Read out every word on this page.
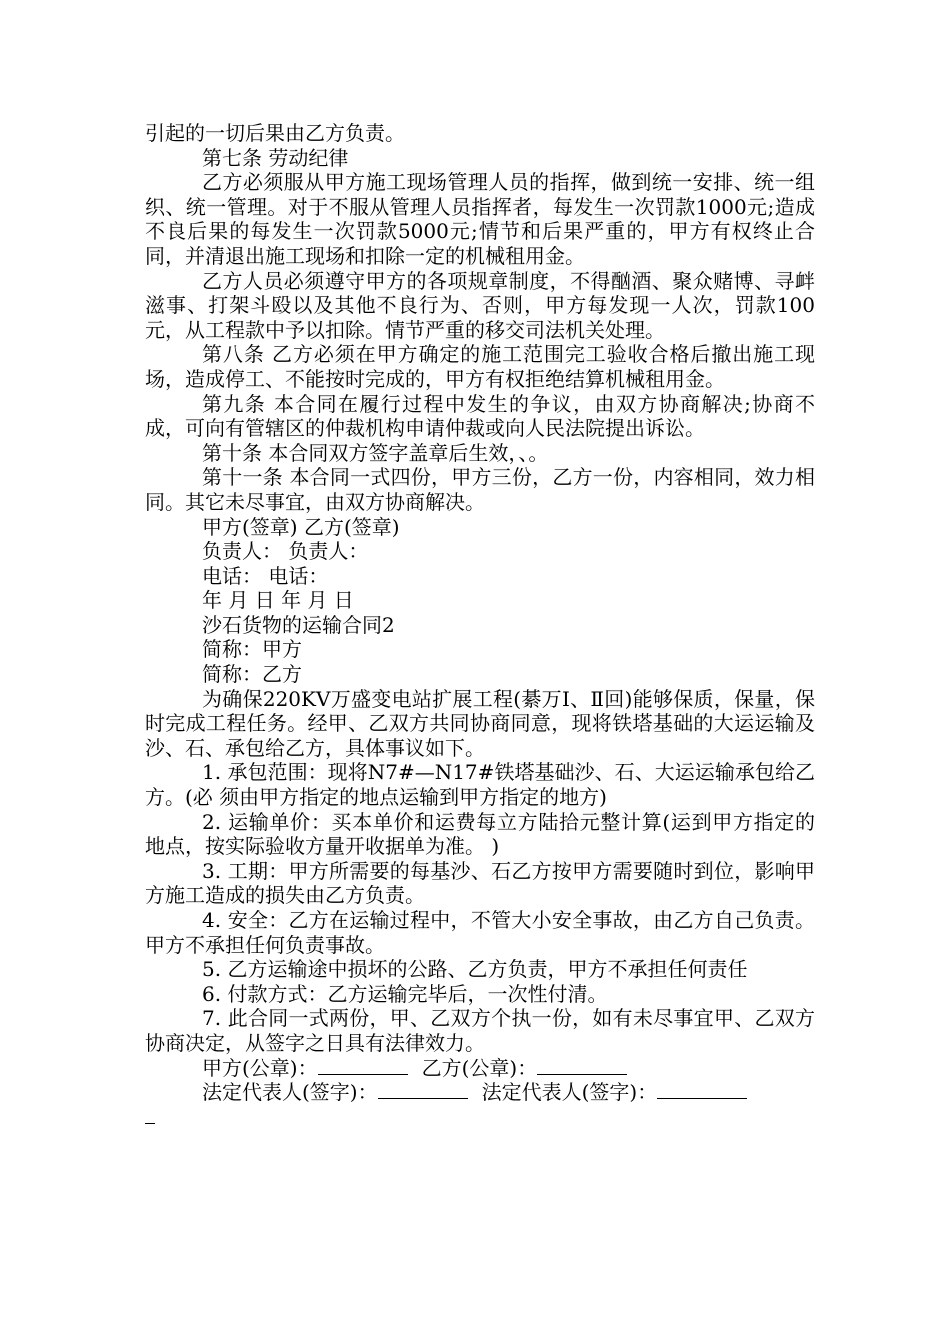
引起的一切后果由乙方负责。

第七条 劳动纪律

乙方必须服从甲方施工现场管理人员的指挥，做到统一安排、统一组织、统一管理。对于不服从管理人员指挥者，每发生一次罚款1000元;造成不良后果的每发生一次罚款5000元;情节和后果严重的，甲方有权终止合同，并清退出施工现场和扣除一定的机械租用金。

乙方人员必须遵守甲方的各项规章制度，不得酗酒、聚众赌博、寻衅滋事、打架斗殴以及其他不良行为、否则，甲方每发现一人次，罚款100元，从工程款中予以扣除。情节严重的移交司法机关处理。

第八条 乙方必须在甲方确定的施工范围完工验收合格后撤出施工现场，造成停工、不能按时完成的，甲方有权拒绝结算机械租用金。

第九条 本合同在履行过程中发生的争议，由双方协商解决;协商不成，可向有管辖区的仲裁机构申请仲裁或向人民法院提出诉讼。

第十条 本合同双方签字盖章后生效，、。

第十一条 本合同一式四份，甲方三份，乙方一份，内容相同，效力相同。其它未尽事宜，由双方协商解决。

甲方(签章) 乙方(签章)

负责人： 负责人：

电话： 电话：

年 月 日 年 月 日

沙石货物的运输合同2

简称：甲方

简称：乙方

为确保220KV万盛变电站扩展工程(綦万Ⅰ、Ⅱ回)能够保质，保量，保时完成工程任务。经甲、乙双方共同协商同意，现将铁塔基础的大运运输及沙、石、承包给乙方，具体事议如下。

1. 承包范围：现将N7#—N17#铁塔基础沙、石、大运运输承包给乙方。(必 须由甲方指定的地点运输到甲方指定的地方)

2. 运输单价：买本单价和运费每立方陆拾元整计算(运到甲方指定的地点，按实际验收方量开收据单为准。 )

3. 工期：甲方所需要的每基沙、石乙方按甲方需要随时到位，影响甲方施工造成的损失由乙方负责。

4. 安全：乙方在运输过程中，不管大小安全事故，由乙方自己负责。甲方不承担任何负责事故。

5. 乙方运输途中损坏的公路、乙方负责，甲方不承担任何责任

6. 付款方式：乙方运输完毕后，一次性付清。

7. 此合同一式两份，甲、乙双方个执一份，如有未尽事宜甲、乙双方协商决定，从签字之日具有法律效力。

甲方(公章)：	乙方(公章)：

法定代表人(签字)：	法定代表人(签字)：
